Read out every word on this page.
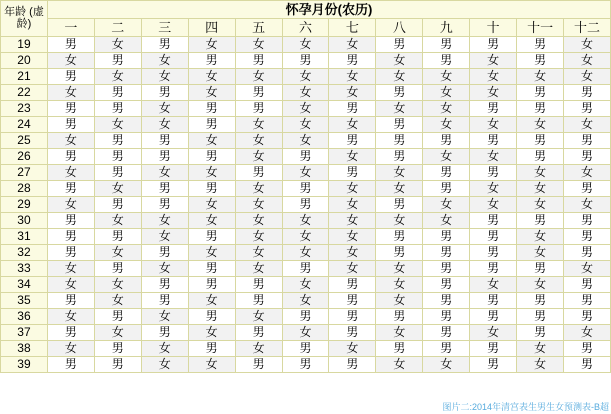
年龄 (虚龄)	怀孕月份(农历)											
	一	二	三	四	五	六	七	八	九	十	十一	十二
19	男	女	男	女	女	女	女	男	男	男	男	女
20	女	男	女	男	男	男	男	女	男	女	男	女
21	男	女	女	女	女	女	女	女	女	女	女	女
22	女	男	男	女	男	女	女	男	女	女	男	男
23	男	男	女	男	男	女	男	女	女	男	男	男
24	男	女	女	男	女	女	女	男	女	女	女	女
25	女	男	男	女	女	女	男	男	男	男	男	男
26	男	男	男	男	女	男	女	男	女	女	男	男
27	女	男	女	女	男	女	男	女	男	男	女	女
28	男	女	男	男	女	男	女	女	男	女	女	男
29	女	男	男	女	女	男	女	男	女	女	女	女
30	男	女	女	女	女	女	女	女	女	男	男	男
31	男	男	女	男	女	女	女	男	男	男	女	男
32	男	女	男	女	女	女	女	男	男	男	女	男
33	女	男	女	男	女	男	女	女	男	男	男	女
34	女	女	男	男	男	女	男	女	男	女	女	男
35	男	女	男	女	男	女	男	女	男	男	男	男
36	女	男	女	男	女	男	男	男	男	男	男	男
37	男	女	男	女	男	女	男	女	男	女	男	女
38	女	男	女	男	女	男	女	男	男	男	女	男
39	男	男	女	女	男	男	男	女	女	男	女	男
图片二:2014年清宫表生男生女预测表-B超
